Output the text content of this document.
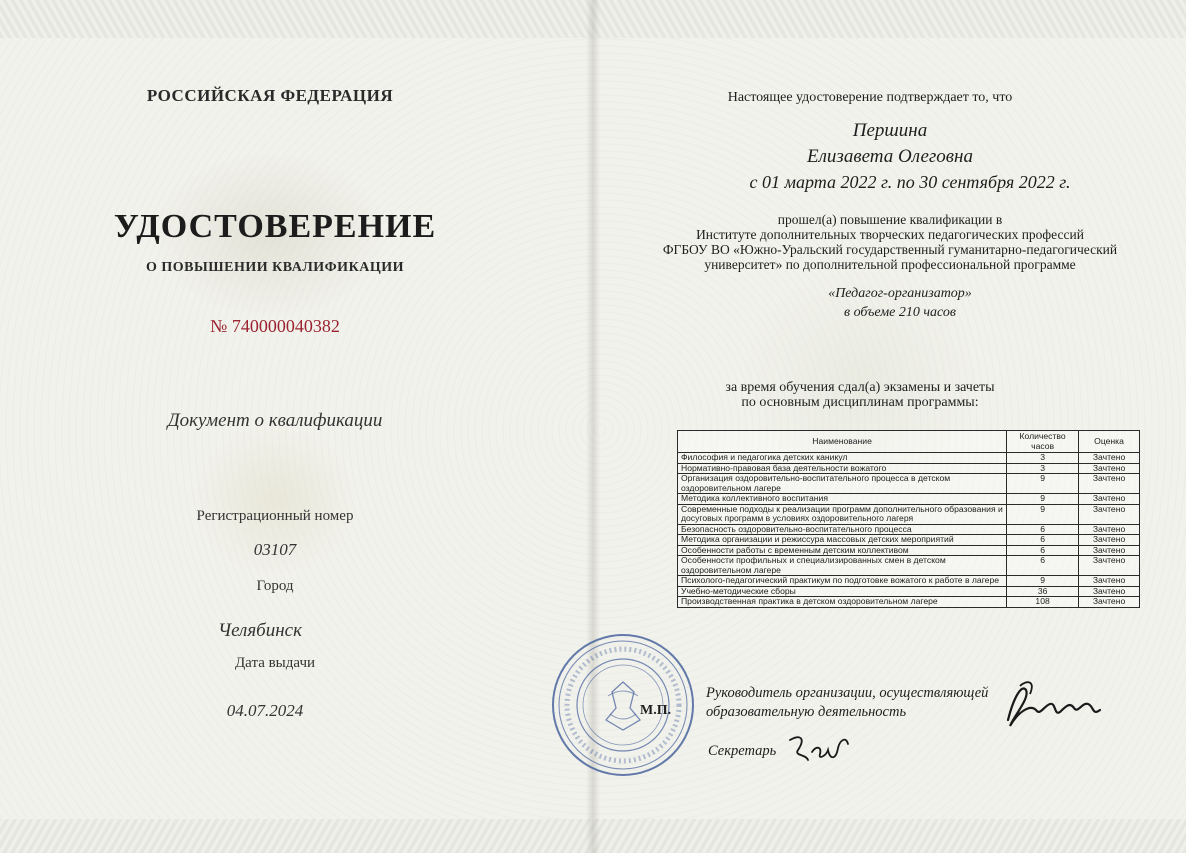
РОССИЙСКАЯ ФЕДЕРАЦИЯ
УДОСТОВЕРЕНИЕ
О ПОВЫШЕНИИ КВАЛИФИКАЦИИ
№ 740000040382
Документ о квалификации
Регистрационный номер
03107
Город
Челябинск
Дата выдачи
04.07.2024
Настоящее удостоверение подтверждает то, что
Першина
Елизавета Олеговна
с 01 марта 2022 г. по 30 сентября 2022 г.
прошел(а) повышение квалификации в
Институте дополнительных творческих педагогических профессий
ФГБОУ ВО «Южно-Уральский государственный гуманитарно-педагогический
университет» по дополнительной профессиональной программе
«Педагог-организатор»
в объеме 210 часов
за время обучения сдал(а) экзамены и зачеты
по основным дисциплинам программы:
Наименование	Количество часов	Оценка
Философия и педагогика детских каникул	3	Зачтено
Нормативно-правовая база деятельности вожатого	3	Зачтено
Организация оздоровительно-воспитательного процесса в детском оздоровительном лагере	9	Зачтено
Методика коллективного воспитания	9	Зачтено
Современные подходы к реализации программ дополнительного образования и досуговых программ в условиях оздоровительного лагеря	9	Зачтено
Безопасность оздоровительно-воспитательного процесса	6	Зачтено
Методика организации и режиссура массовых детских мероприятий	6	Зачтено
Особенности работы с временным детским коллективом	6	Зачтено
Особенности профильных и специализированных смен в детском оздоровительном лагере	6	Зачтено
Психолого-педагогический практикум по подготовке вожатого к работе в лагере	9	Зачтено
Учебно-методические сборы	36	Зачтено
Производственная практика в детском оздоровительном лагере	108	Зачтено
М.П.
Руководитель организации, осуществляющей
образовательную деятельность
Секретарь
